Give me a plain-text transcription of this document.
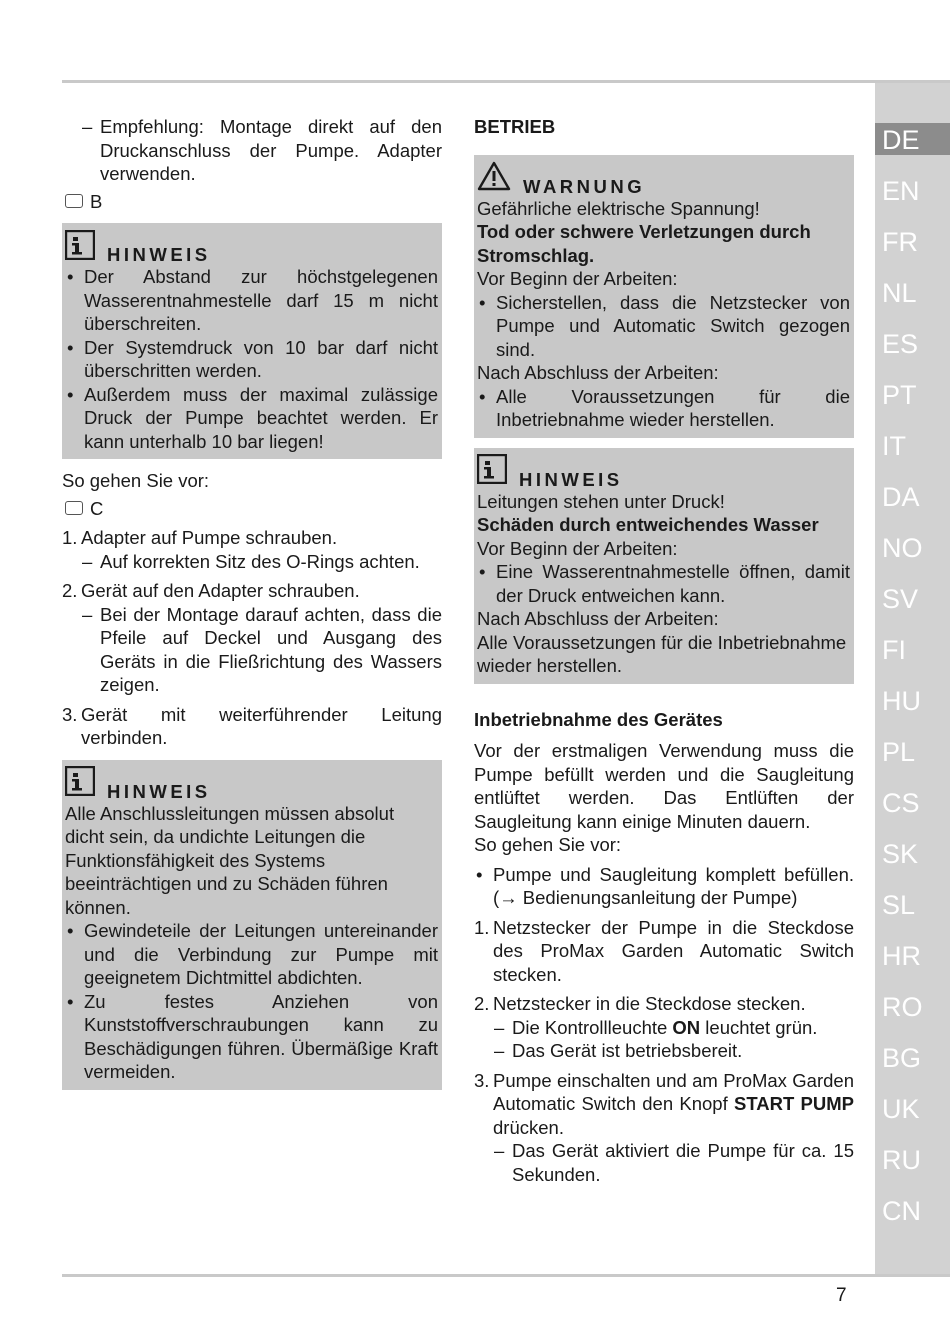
DE
EN
FR
NL
ES
PT
IT
DA
NO
SV
FI
HU
PL
CS
SK
SL
HR
RO
BG
UK
RU
CN
– Empfehlung: Montage direkt auf den Druckanschluss der Pumpe. Adapter verwenden.
B
HINWEIS
• Der Abstand zur höchstgelegenen Wasserentnahmestelle darf 15 m nicht überschreiten.
• Der Systemdruck von 10 bar darf nicht überschritten werden.
• Außerdem muss der maximal zulässige Druck der Pumpe beachtet werden. Er kann unterhalb 10 bar liegen!

So gehen Sie vor:

C
1. Adapter auf Pumpe schrauben.
– Auf korrekten Sitz des O-Rings achten.
2. Gerät auf den Adapter schrauben.
– Bei der Montage darauf achten, dass die Pfeile auf Deckel und Ausgang des Geräts in die Fließrichtung des Wassers zeigen.
3. Gerät mit weiterführender Leitung verbinden.
HINWEIS

Alle Anschlussleitungen müssen absolut dicht sein, da undichte Leitungen die Funktionsfähigkeit des Systems beeinträchtigen und zu Schäden führen können.

• Gewindeteile der Leitungen untereinander und die Verbindung zur Pumpe mit geeignetem Dichtmittel abdichten.
• Zu festes Anziehen von Kunststoffverschraubungen kann zu Beschädigungen führen. Übermäßige Kraft vermeiden.

BETRIEB

WARNUNG

Gefährliche elektrische Spannung!

Tod oder schwere Verletzungen durch Stromschlag.

Vor Beginn der Arbeiten:

• Sicherstellen, dass die Netzstecker von Pumpe und Automatic Switch gezogen sind.

Nach Abschluss der Arbeiten:

• Alle Voraussetzungen für die Inbetriebnahme wieder herstellen.
HINWEIS

Leitungen stehen unter Druck!

Schäden durch entweichendes Wasser

Vor Beginn der Arbeiten:

• Eine Wasserentnahmestelle öffnen, damit der Druck entweichen kann.

Nach Abschluss der Arbeiten:

Alle Voraussetzungen für die Inbetriebnahme wieder herstellen.

Inbetriebnahme des Gerätes

Vor der erstmaligen Verwendung muss die Pumpe befüllt werden und die Saugleitung entlüftet werden. Das Entlüften der Saugleitung kann einige Minuten dauern.

So gehen Sie vor:

• Pumpe und Saugleitung komplett befüllen. (→ Bedienungsanleitung der Pumpe)
1. Netzstecker der Pumpe in die Steckdose des ProMax Garden Automatic Switch stecken.
2. Netzstecker in die Steckdose stecken.
– Die Kontrollleuchte ON leuchtet grün.
– Das Gerät ist betriebsbereit.
3. Pumpe einschalten und am ProMax Garden Automatic Switch den Knopf START PUMP drücken.
– Das Gerät aktiviert die Pumpe für ca. 15 Sekunden.
7
